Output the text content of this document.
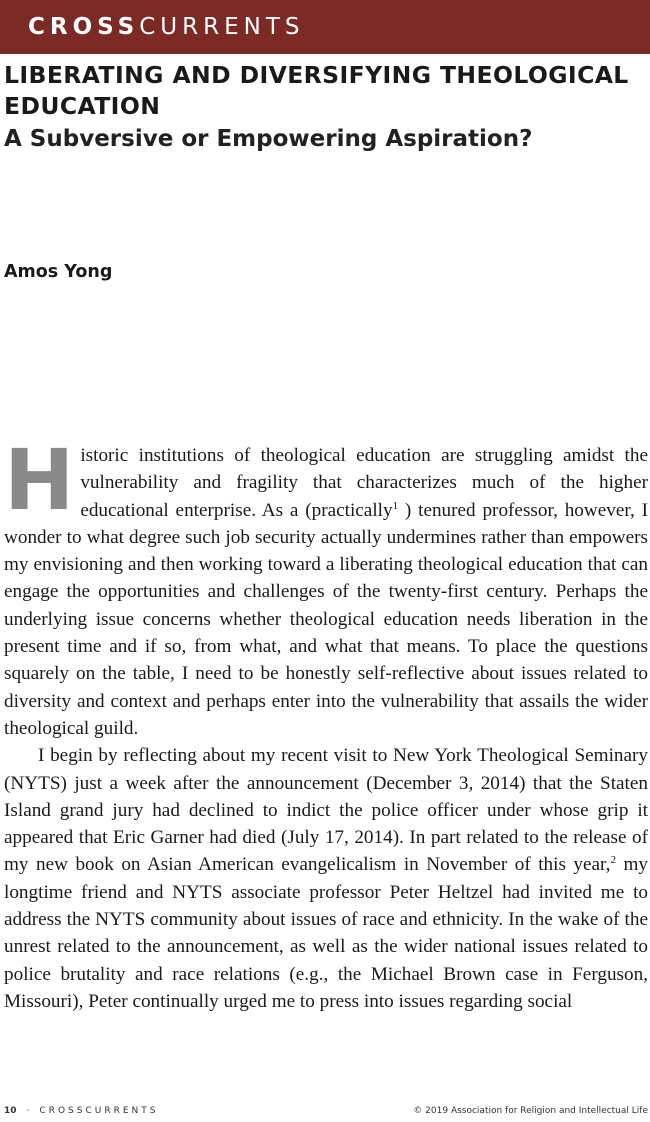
CROSSCURRENTS
LIBERATING AND DIVERSIFYING THEOLOGICAL EDUCATION
A Subversive or Empowering Aspiration?
Amos Yong

Historic institutions of theological education are struggling amidst the vulnerability and fragility that characterizes much of the higher educational enterprise. As a (practically$^1$ ) tenured professor, however, I wonder to what degree such job security actually undermines rather than empowers my envisioning and then working toward a liberating theological education that can engage the opportunities and challenges of the twenty-first century. Perhaps the underlying issue concerns whether theological education needs liberation in the present time and if so, from what, and what that means. To place the questions squarely on the table, I need to be honestly self-reflective about issues related to diversity and context and perhaps enter into the vulnerability that assails the wider theological guild.

I begin by reflecting about my recent visit to New York Theological Seminary (NYTS) just a week after the announcement (December 3, 2014) that the Staten Island grand jury had declined to indict the police officer under whose grip it appeared that Eric Garner had died (July 17, 2014). In part related to the release of my new book on Asian American evangelicalism in November of this year,$^2$ my longtime friend and NYTS associate professor Peter Heltzel had invited me to address the NYTS community about issues of race and ethnicity. In the wake of the unrest related to the announcement, as well as the wider national issues related to police brutality and race relations (e.g., the Michael Brown case in Ferguson, Missouri), Peter continually urged me to press into issues regarding social

10 · CROSSCURRENTS	© 2019 Association for Religion and Intellectual Life
